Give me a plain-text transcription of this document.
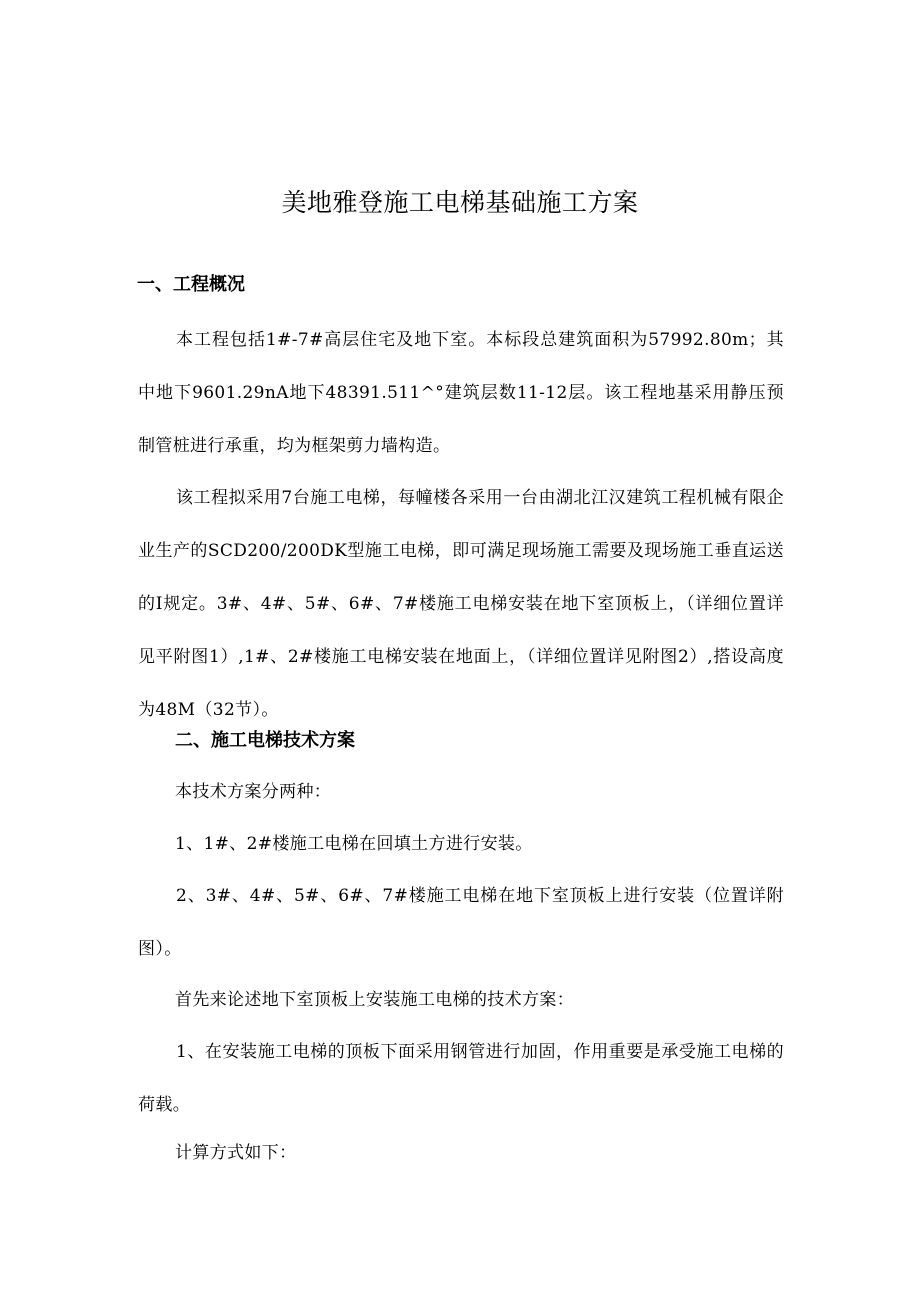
美地雅登施工电梯基础施工方案
一、工程概况

本工程包括1#-7#高层住宅及地下室。本标段总建筑面积为57992.80m；其中地下9601.29nA地下48391.511^°建筑层数11-12层。该工程地基采用静压预制管桩进行承重，均为框架剪力墙构造。

该工程拟采用7台施工电梯，每幢楼各采用一台由湖北江汉建筑工程机械有限企业生产的SCD200/200DK型施工电梯，即可满足现场施工需要及现场施工垂直运送的I规定。3#、4#、5#、6#、7#楼施工电梯安装在地下室顶板上，（详细位置详见平附图1）,1#、2#楼施工电梯安装在地面上，（详细位置详见附图2）,搭设高度为48M（32节）。

二、施工电梯技术方案

本技术方案分两种：

1、1#、2#楼施工电梯在回填土方进行安装。

2、3#、4#、5#、6#、7#楼施工电梯在地下室顶板上进行安装（位置详附图）。

首先来论述地下室顶板上安装施工电梯的技术方案：

1、在安装施工电梯的顶板下面采用钢管进行加固，作用重要是承受施工电梯的荷载。

计算方式如下：
